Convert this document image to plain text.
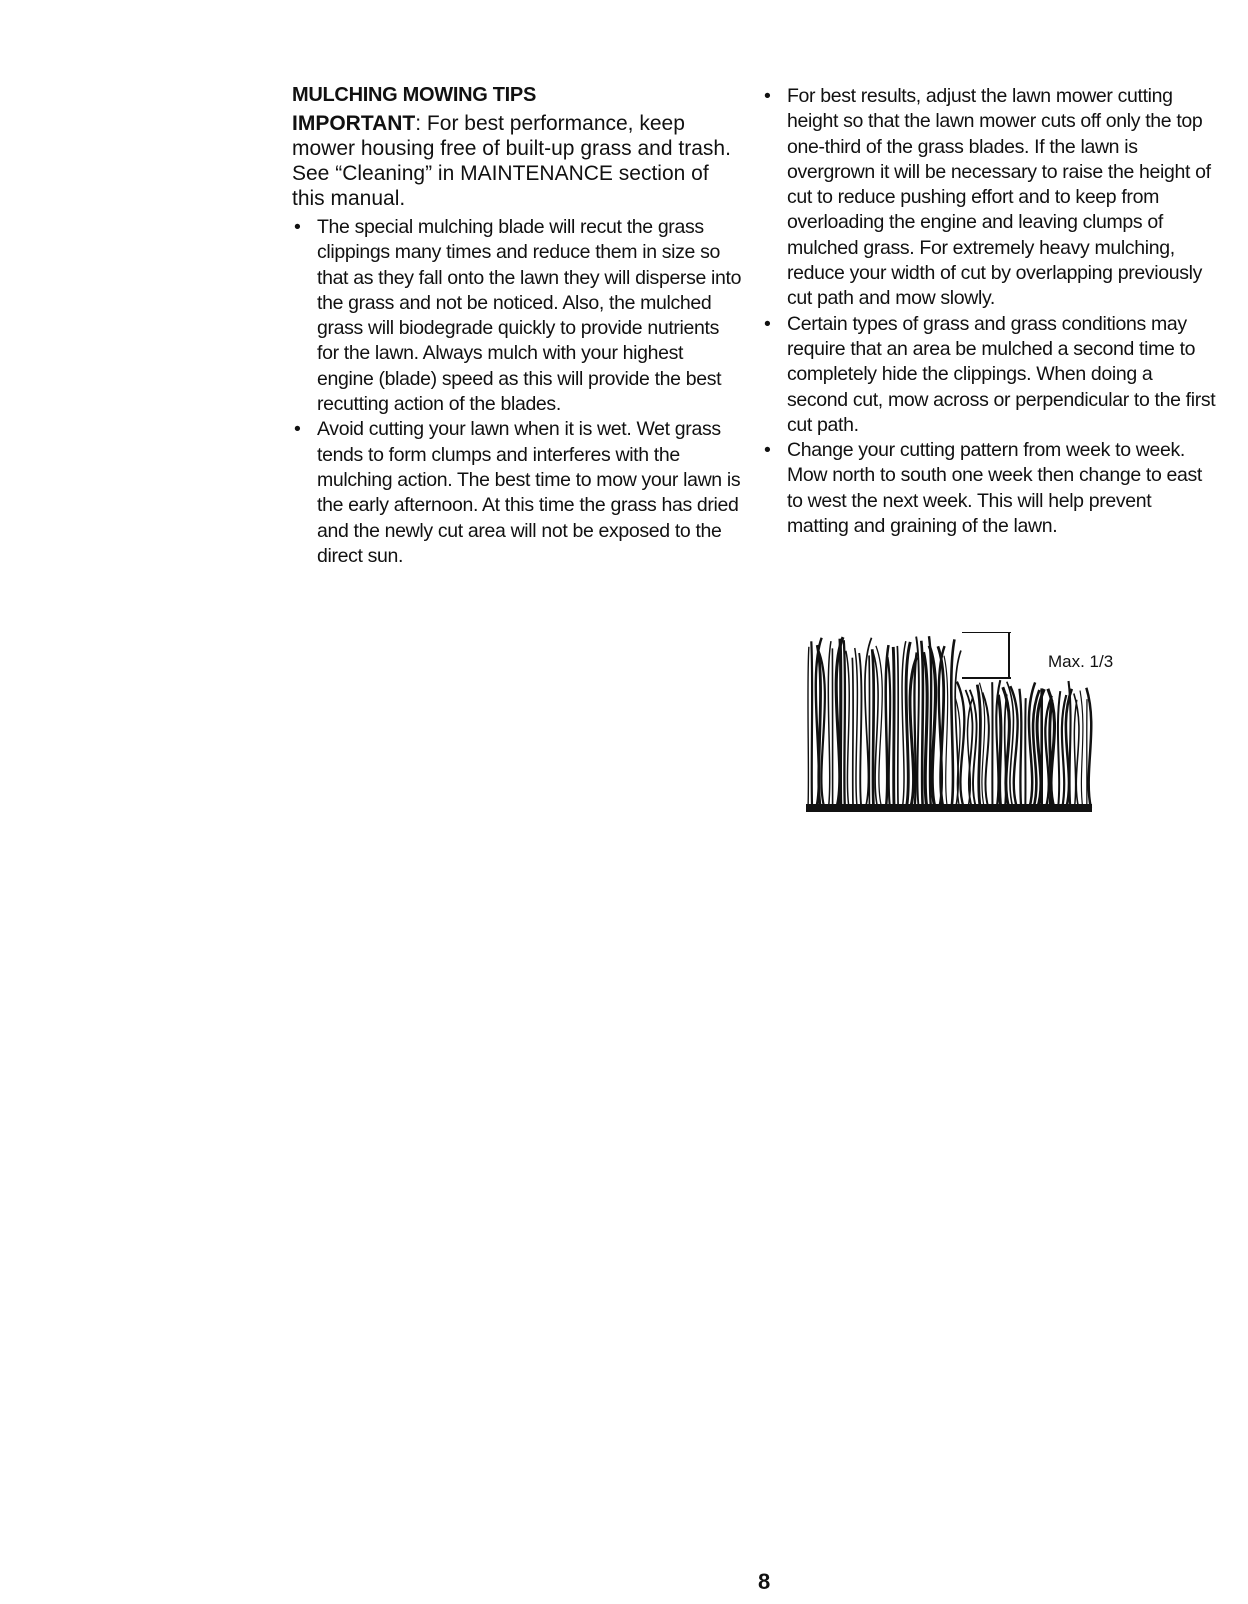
MULCHING MOWING TIPS

IMPORTANT: For best performance, keep mower housing free of built-up grass and trash. See “Cleaning” in MAINTENANCE section of this manual.

• The special mulching blade will recut the grass clippings many times and reduce them in size so that as they fall onto the lawn they will disperse into the grass and not be noticed. Also, the mulched grass will biodegrade quickly to provide nutrients for the lawn. Always mulch with your highest engine (blade) speed as this will provide the best recutting action of the blades.
• Avoid cutting your lawn when it is wet. Wet grass tends to form clumps and interferes with the mulching action. The best time to mow your lawn is the early afternoon. At this time the grass has dried and the newly cut area will not be exposed to the direct sun.
• For best results, adjust the lawn mower cutting height so that the lawn mower cuts off only the top one-third of the grass blades. If the lawn is overgrown it will be necessary to raise the height of cut to reduce pushing effort and to keep from overloading the engine and leaving clumps of mulched grass. For extremely heavy mulching, reduce your width of cut by overlapping previously cut path and mow slowly.
• Certain types of grass and grass conditions may require that an area be mulched a second time to completely hide the clippings. When doing a second cut, mow across or perpendicular to the first cut path.
• Change your cutting pattern from week to week. Mow north to south one week then change to east to west the next week. This will help prevent matting and graining of the lawn.
Max. 1/3
8
